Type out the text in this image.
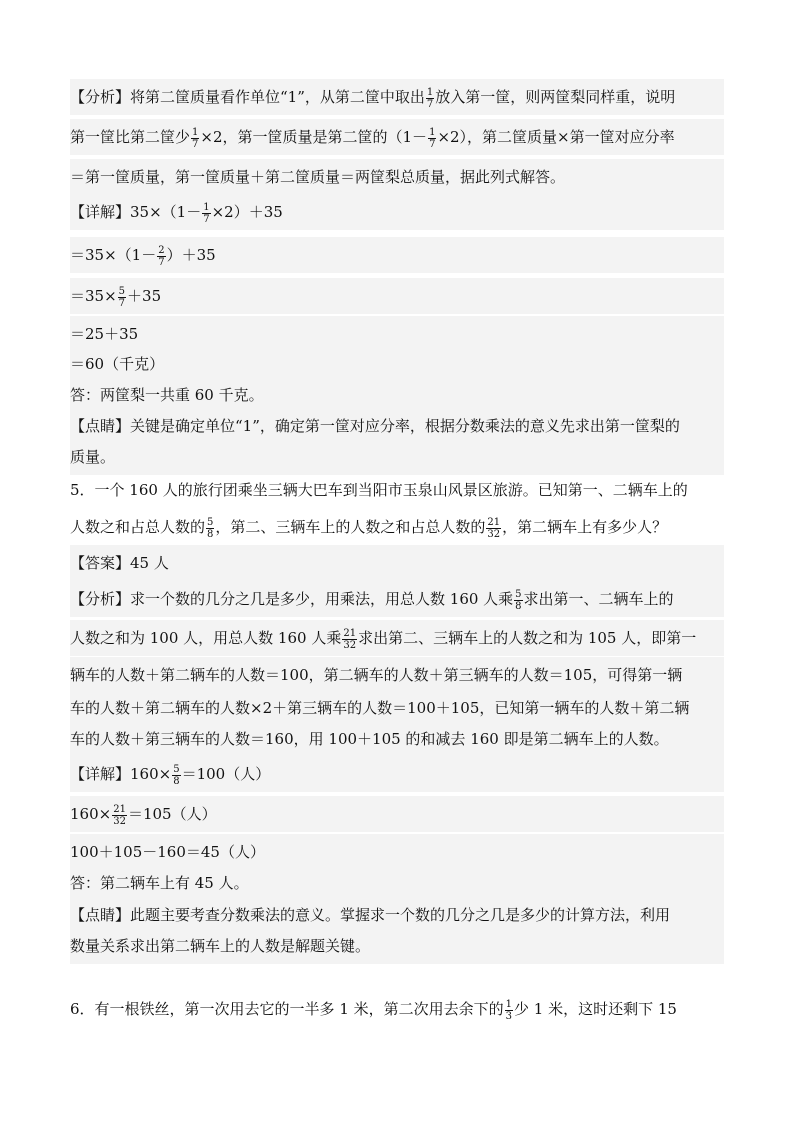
【分析】将第二筐质量看作单位“1”，从第二筐中取出 $\frac{1}{7}$ 放入第一筐，则两筐梨同样重，说明
第一筐比第二筐少 $\frac{1}{7} \times 2$，第一筐质量是第二筐的$(1- \frac{1}{7} \times 2)$，第二筐质量×第一筐对应分率
＝第一筐质量，第一筐质量＋第二筐质量＝两筐梨总质量，据此列式解答。
【详解】$35\times(1- \frac{1}{7} \times 2)+35$
$=35\times(1- \frac{2}{7} )+35$
$=35\times \frac{5}{7} +35$
＝25＋35
＝60（千克）
答：两筐梨一共重 60 千克。
【点睛】关键是确定单位“1”，确定第一筐对应分率，根据分数乘法的意义先求出第一筐梨的
质量。
5．一个 160 人的旅行团乘坐三辆大巴车到当阳市玉泉山风景区旅游。已知第一、二辆车上的
人数之和占总人数的 $\frac{5}{8}$ ，第二、三辆车上的人数之和占总人数的 $\frac{21}{32}$ ，第二辆车上有多少人？
【答案】45 人
【分析】求一个数的几分之几是多少，用乘法，用总人数 160 人乘 $\frac{5}{8}$ 求出第一、二辆车上的
人数之和为 100 人，用总人数 160 人乘 $\frac{21}{32}$ 求出第二、三辆车上的人数之和为 105 人，即第一
辆车的人数＋第二辆车的人数＝100，第二辆车的人数＋第三辆车的人数＝105，可得第一辆
车的人数＋第二辆车的人数×2＋第三辆车的人数＝100＋105，已知第一辆车的人数＋第二辆
车的人数＋第三辆车的人数＝160，用 100＋105 的和减去 160 即是第二辆车上的人数。
【详解】$160\times \frac{5}{8} =100$（人）
$160\times \frac{21}{32} =105$（人）
100＋105－160＝45（人）
答：第二辆车上有 45 人。
【点睛】此题主要考查分数乘法的意义。掌握求一个数的几分之几是多少的计算方法，利用
数量关系求出第二辆车上的人数是解题关键。
6．有一根铁丝，第一次用去它的一半多 1 米，第二次用去余下的 $\frac{1}{3}$ 少 1 米，这时还剩下 15
